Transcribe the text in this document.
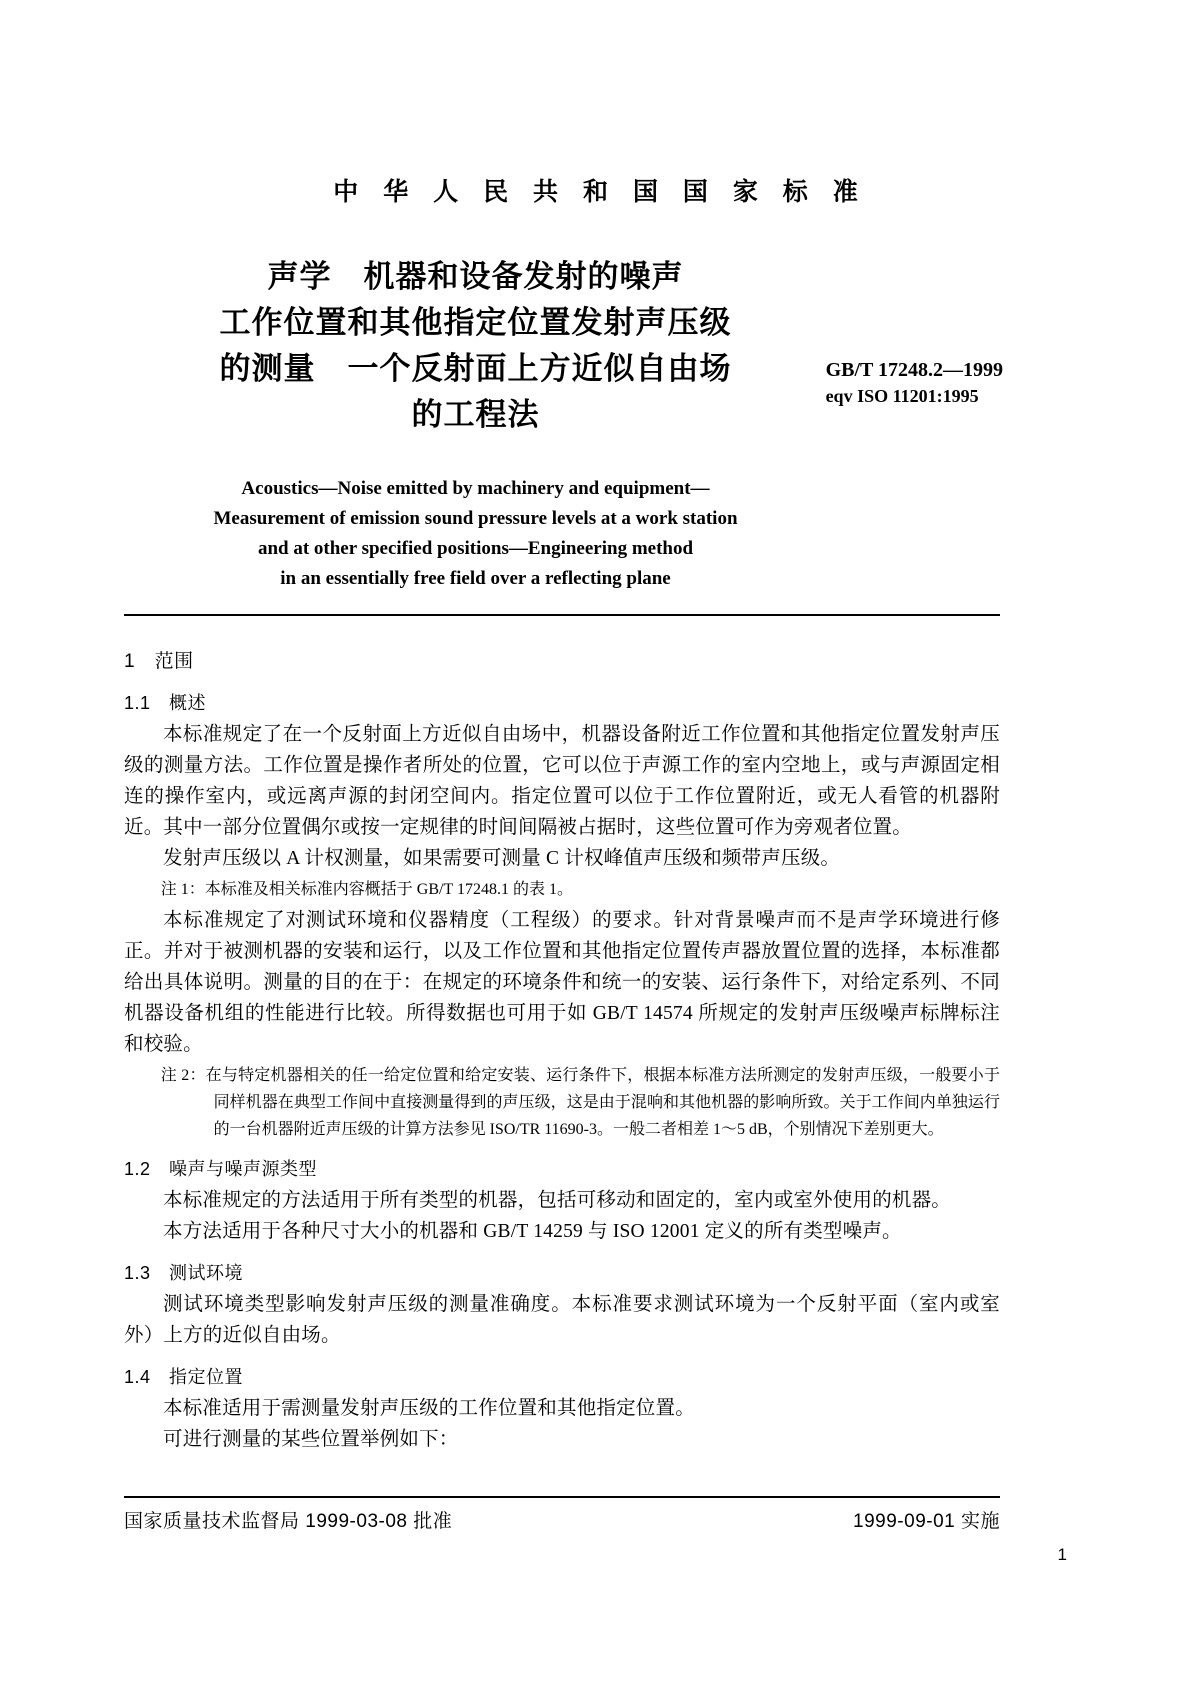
中 华 人 民 共 和 国 国 家 标 准
声学　机器和设备发射的噪声
工作位置和其他指定位置发射声压级
的测量　一个反射面上方近似自由场
的工程法
GB/T 17248.2—1999
eqv ISO 11201:1995
Acoustics—Noise emitted by machinery and equipment—
Measurement of emission sound pressure levels at a work station
and at other specified positions—Engineering method
in an essentially free field over a reflecting plane
1　范围
1.1　概述

本标准规定了在一个反射面上方近似自由场中，机器设备附近工作位置和其他指定位置发射声压级的测量方法。工作位置是操作者所处的位置，它可以位于声源工作的室内空地上，或与声源固定相连的操作室内，或远离声源的封闭空间内。指定位置可以位于工作位置附近，或无人看管的机器附近。其中一部分位置偶尔或按一定规律的时间间隔被占据时，这些位置可作为旁观者位置。

发射声压级以 A 计权测量，如果需要可测量 C 计权峰值声压级和频带声压级。

注 1：本标准及相关标准内容概括于 GB/T 17248.1 的表 1。

本标准规定了对测试环境和仪器精度（工程级）的要求。针对背景噪声而不是声学环境进行修正。并对于被测机器的安装和运行，以及工作位置和其他指定位置传声器放置位置的选择，本标准都给出具体说明。测量的目的在于：在规定的环境条件和统一的安装、运行条件下，对给定系列、不同机器设备机组的性能进行比较。所得数据也可用于如 GB/T 14574 所规定的发射声压级噪声标牌标注和校验。

注 2：在与特定机器相关的任一给定位置和给定安装、运行条件下，根据本标准方法所测定的发射声压级，一般要小于同样机器在典型工作间中直接测量得到的声压级，这是由于混响和其他机器的影响所致。关于工作间内单独运行的一台机器附近声压级的计算方法参见 ISO/TR 11690-3。一般二者相差 1～5 dB，个别情况下差别更大。

1.2　噪声与噪声源类型

本标准规定的方法适用于所有类型的机器，包括可移动和固定的，室内或室外使用的机器。

本方法适用于各种尺寸大小的机器和 GB/T 14259 与 ISO 12001 定义的所有类型噪声。

1.3　测试环境

测试环境类型影响发射声压级的测量准确度。本标准要求测试环境为一个反射平面（室内或室外）上方的近似自由场。

1.4　指定位置

本标准适用于需测量发射声压级的工作位置和其他指定位置。

可进行测量的某些位置举例如下：

国家质量技术监督局 1999-03-08 批准	1999-09-01 实施
1
